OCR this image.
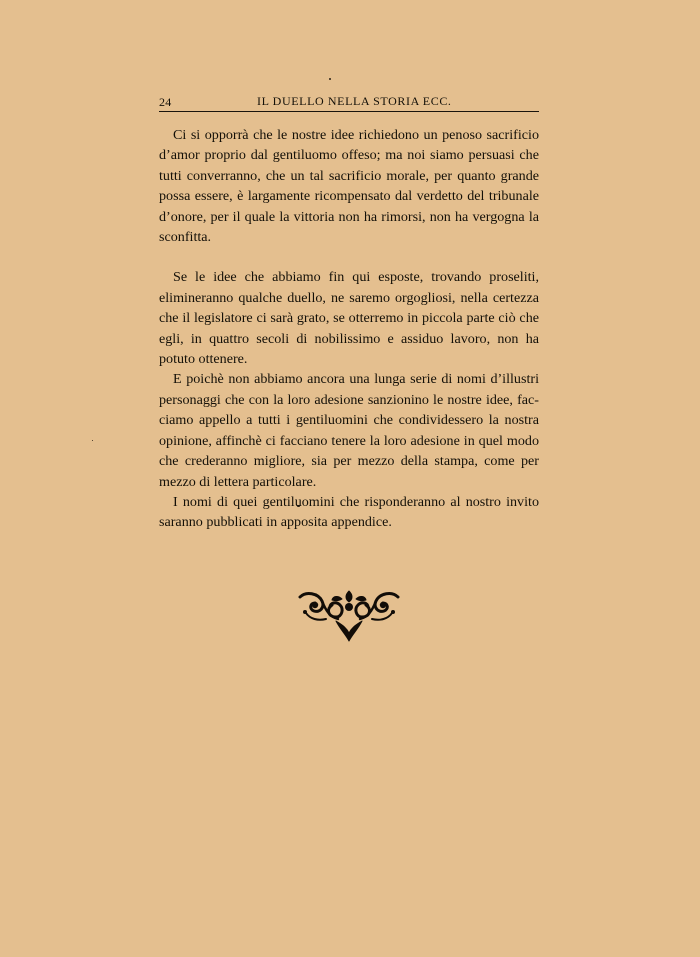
24	IL DUELLO NELLA STORIA ECC.

Ci si opporrà che le nostre idee richiedono un penoso sacrificio d’amor proprio dal gentiluomo offeso; ma noi siamo persuasi che tutti converranno, che un tal sacrificio morale, per quanto grande possa essere, è largamente ricompensato dal verdetto del tribunale d’onore, per il quale la vittoria non ha rimorsi, non ha vergogna la sconfitta.

Se le idee che abbiamo fin qui esposte, trovando proseliti, elimineranno qualche duello, ne saremo orgogliosi, nella certezza che il legislatore ci sarà grato, se otterremo in piccola parte ciò che egli, in quattro secoli di nobilissimo e assiduo lavoro, non ha potuto ottenere.

E poichè non abbiamo ancora una lunga serie di nomi d’illustri personaggi che con la loro adesione sanzionino le nostre idee, facciamo appello a tutti i gentiluomini che condividessero la nostra opinione, affinchè ci facciano tenere la loro adesione in quel modo che crederanno migliore, sia per mezzo della stampa, come per mezzo di lettera particolare.

I nomi di quei gentiluomini che risponderanno al nostro invito saranno pubblicati in apposita appendice.
